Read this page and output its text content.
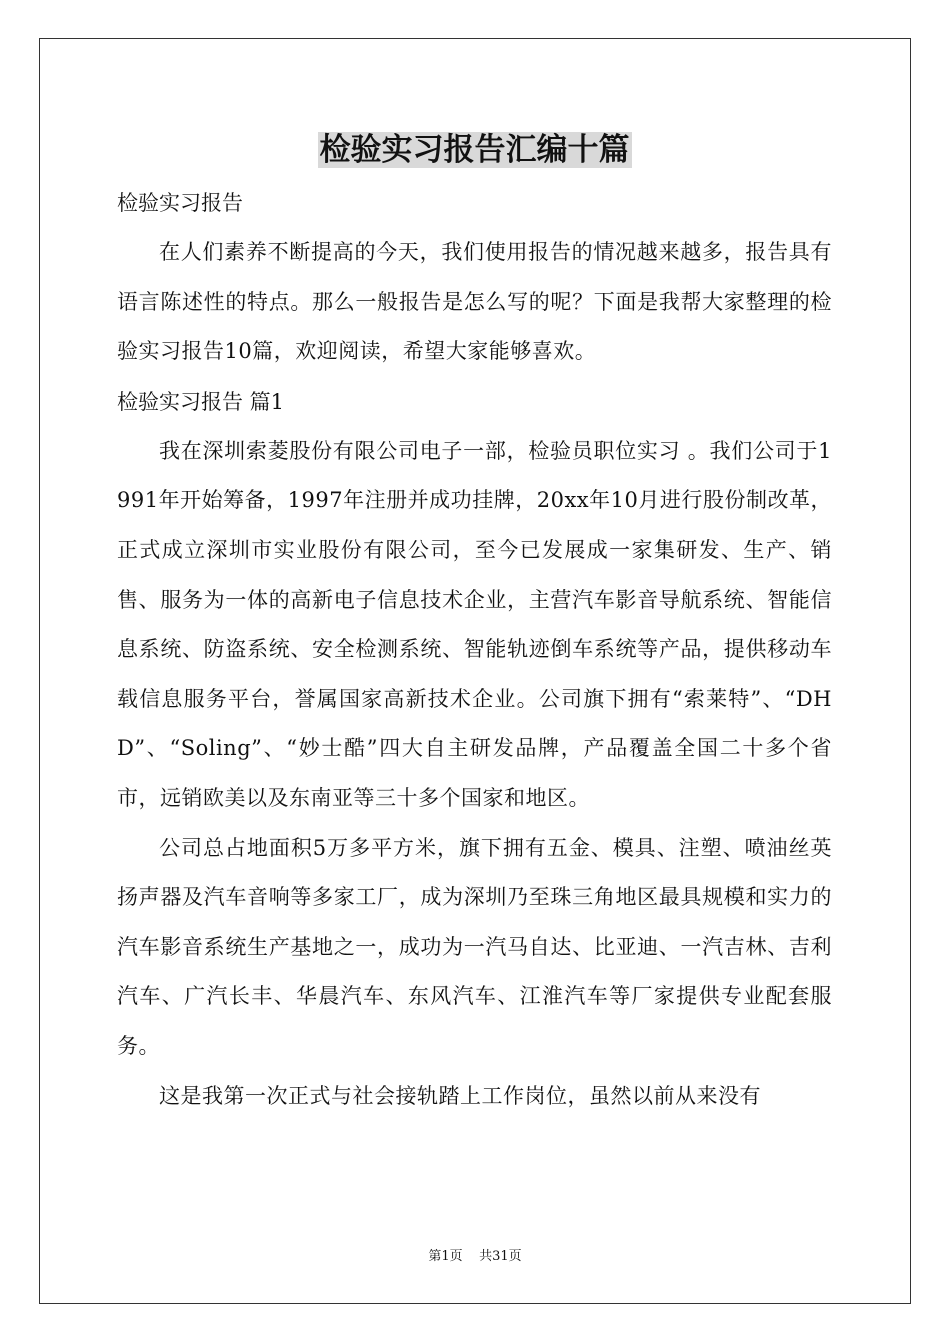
检验实习报告汇编十篇

检验实习报告

在人们素养不断提高的今天，我们使用报告的情况越来越多，报告具有语言陈述性的特点。那么一般报告是怎么写的呢？下面是我帮大家整理的检验实习报告10篇，欢迎阅读，希望大家能够喜欢。

检验实习报告 篇1

我在深圳索菱股份有限公司电子一部，检验员职位实习 。我们公司于1991年开始筹备，1997年注册并成功挂牌，20xx年10月进行股份制改革，正式成立深圳市实业股份有限公司，至今已发展成一家集研发、生产、销售、服务为一体的高新电子信息技术企业，主营汽车影音导航系统、智能信息系统、防盗系统、安全检测系统、智能轨迹倒车系统等产品，提供移动车载信息服务平台，誉属国家高新技术企业。公司旗下拥有“索莱特”、“DHD”、“Soling”、“妙士酷”四大自主研发品牌，产品覆盖全国二十多个省市，远销欧美以及东南亚等三十多个国家和地区。

公司总占地面积5万多平方米，旗下拥有五金、模具、注塑、喷油丝英扬声器及汽车音响等多家工厂，成为深圳乃至珠三角地区最具规模和实力的汽车影音系统生产基地之一，成功为一汽马自达、比亚迪、一汽吉林、吉利汽车、广汽长丰、华晨汽车、东风汽车、江淮汽车等厂家提供专业配套服务。

这是我第一次正式与社会接轨踏上工作岗位，虽然以前从来没有

第1页    共31页
